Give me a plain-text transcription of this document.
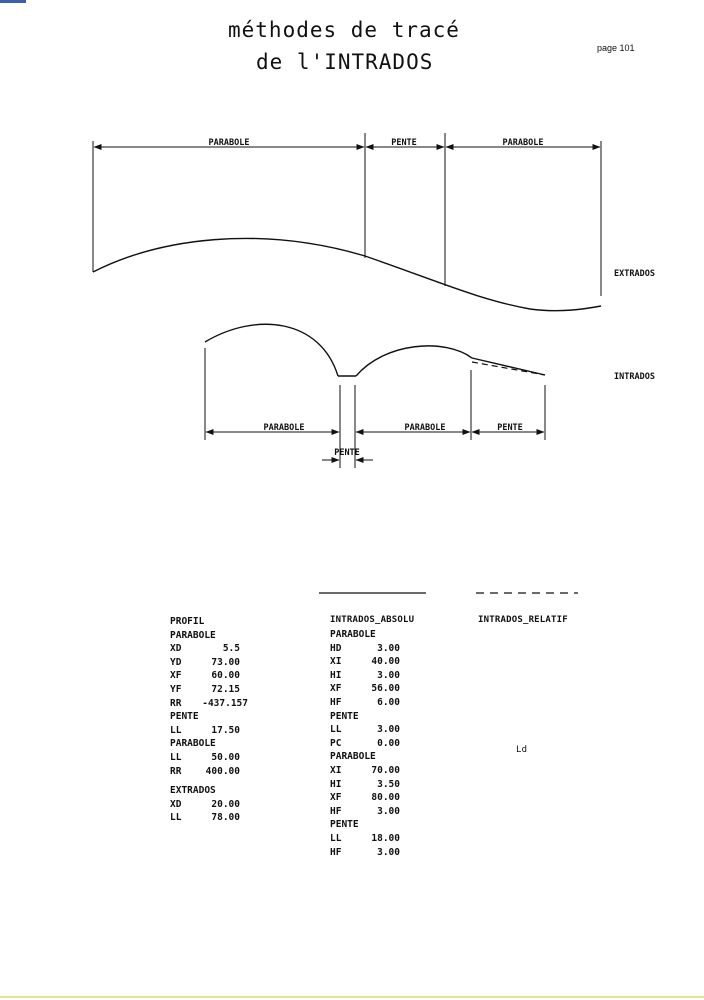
méthodes de tracé
de l'INTRADOS
page 101
PARABOLE	PENTE	PARABOLE
EXTRADOS
INTRADOS
PARABOLE	PARABOLE	PENTE
PENTE
INTRADOS_ABSOLU	INTRADOS_RELATIF
Ld
PROFIL
PARABOLE
XD	5.5
YD	73.00
XF	60.00
YF	72.15
RR	-437.157
PENTE
LL	17.50
PARABOLE
LL	50.00
RR	400.00
EXTRADOS
XD	20.00
LL	78.00
PARABOLE
HD	3.00
XI	40.00
HI	3.00
XF	56.00
HF	6.00
PENTE
LL	3.00
PC	0.00
PARABOLE
XI	70.00
HI	3.50
XF	80.00
HF	3.00
PENTE
LL	18.00
HF	3.00
